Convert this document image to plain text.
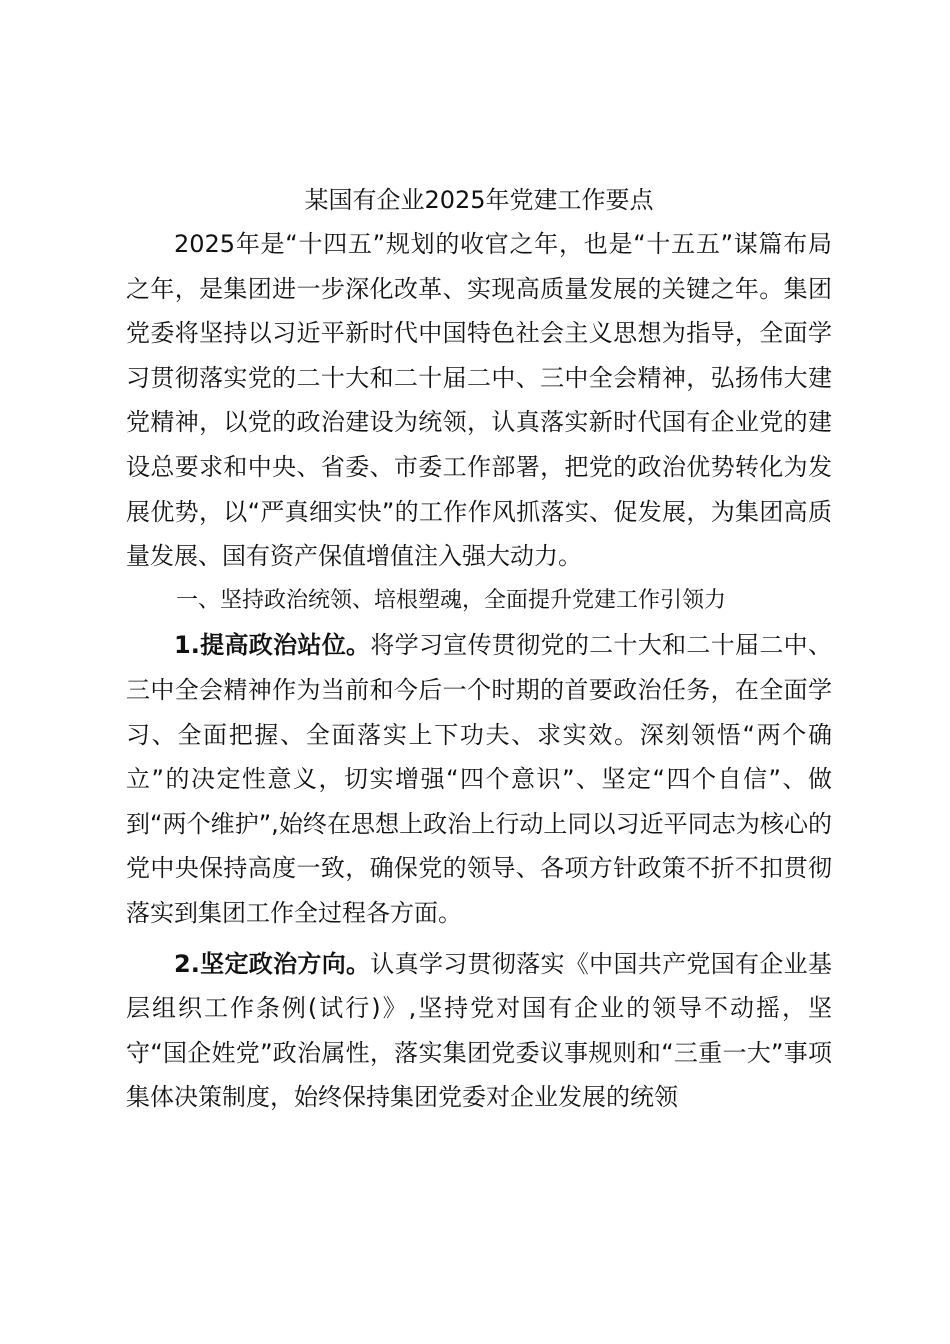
某国有企业2025年党建工作要点

2025年是“十四五”规划的收官之年，也是“十五五”谋篇布局之年，是集团进一步深化改革、实现高质量发展的关键之年。集团党委将坚持以习近平新时代中国特色社会主义思想为指导，全面学习贯彻落实党的二十大和二十届二中、三中全会精神，弘扬伟大建党精神，以党的政治建设为统领，认真落实新时代国有企业党的建设总要求和中央、省委、市委工作部署，把党的政治优势转化为发展优势，以“严真细实快”的工作作风抓落实、促发展，为集团高质量发展、国有资产保值增值注入强大动力。

一、坚持政治统领、培根塑魂，全面提升党建工作引领力

1.提高政治站位。将学习宣传贯彻党的二十大和二十届二中、三中全会精神作为当前和今后一个时期的首要政治任务，在全面学习、全面把握、全面落实上下功夫、求实效。深刻领悟“两个确立”的决定性意义，切实增强“四个意识”、坚定“四个自信”、做到“两个维护”,始终在思想上政治上行动上同以习近平同志为核心的党中央保持高度一致，确保党的领导、各项方针政策不折不扣贯彻落实到集团工作全过程各方面。

2.坚定政治方向。认真学习贯彻落实《中国共产党国有企业基层组织工作条例(试行)》,坚持党对国有企业的领导不动摇，坚守“国企姓党”政治属性，落实集团党委议事规则和“三重一大”事项集体决策制度，始终保持集团党委对企业发展的统领
